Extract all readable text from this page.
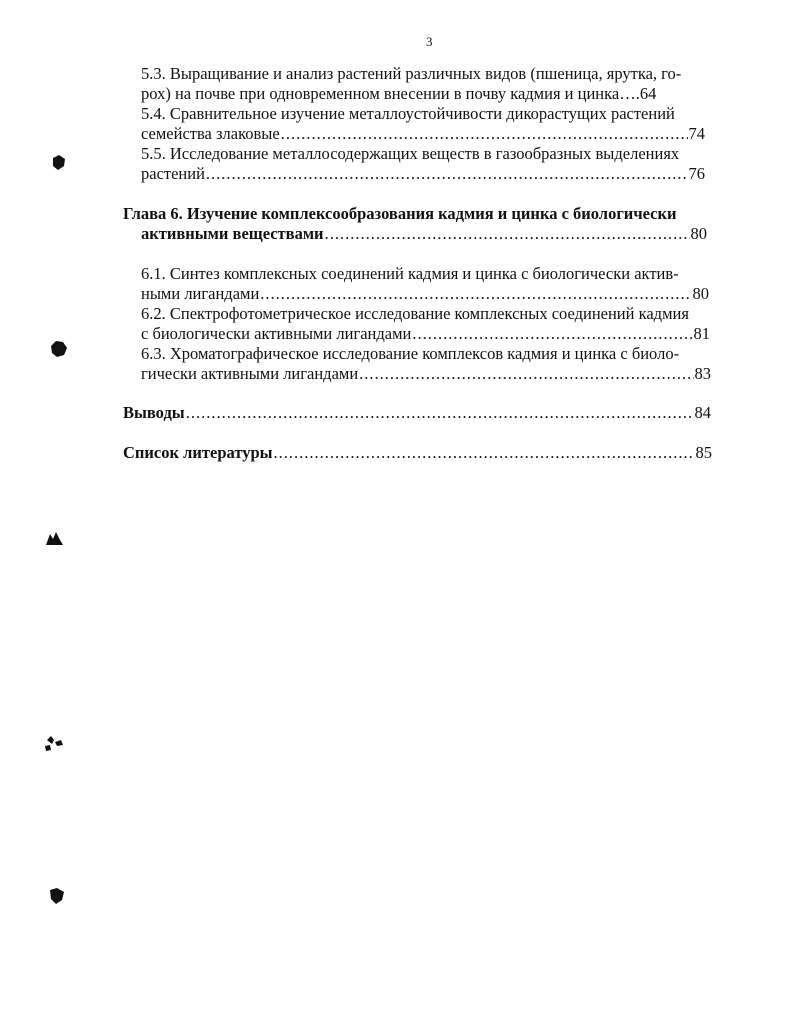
3
5.3. Выращивание и анализ растений различных видов (пшеница, ярутка, го-
рох) на почве при одновременном внесении в почву кадмия и цинка….64
5.4. Сравнительное изучение металлоустойчивости дикорастущих растений
семейства злаковые .....	74
5.5. Исследование металлосодержащих веществ в газообразных выделениях
растений .....	76
Глава 6. Изучение комплексообразования кадмия и цинка с биологически
активными веществами .....	80
6.1. Синтез комплексных соединений кадмия и цинка с биологически актив-
ными лигандами .....	80
6.2. Спектрофотометрическое исследование комплексных соединений кадмия
с биологически активными лигандами .....	81
6.3. Хроматографическое исследование комплексов кадмия и цинка с биоло-
гически активными лигандами .....	83
Выводы .....	84
Список литературы .....	85
